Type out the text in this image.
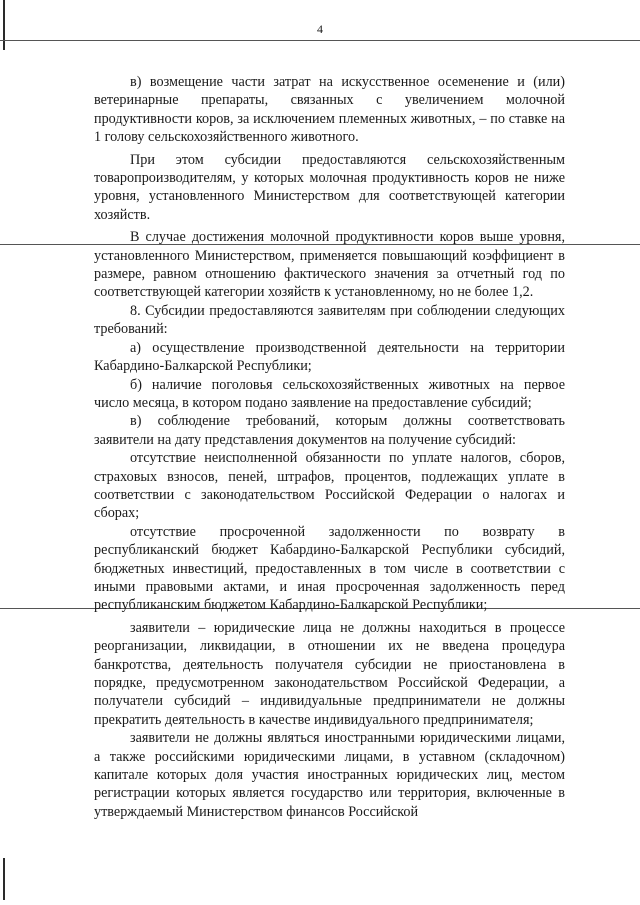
4

в) возмещение части затрат на искусственное осеменение и (или) ветеринарные препараты, связанных с увеличением молочной продуктивности коров, за исключением племенных животных, – по ставке на 1 голову сельскохозяйственного животного.

При этом субсидии предоставляются сельскохозяйственным товаропроизводителям, у которых молочная продуктивность коров не ниже уровня, установленного Министерством для соответствующей категории хозяйств.

В случае достижения молочной продуктивности коров выше уровня, установленного Министерством, применяется повышающий коэффициент в размере, равном отношению фактического значения за отчетный год по соответствующей категории хозяйств к установленному, но не более 1,2.

8. Субсидии предоставляются заявителям при соблюдении следующих требований:

а) осуществление производственной деятельности на территории Кабардино-Балкарской Республики;

б) наличие поголовья сельскохозяйственных животных на первое число месяца, в котором подано заявление на предоставление субсидий;

в) соблюдение требований, которым должны соответствовать заявители на дату представления документов на получение субсидий:

отсутствие неисполненной обязанности по уплате налогов, сборов, страховых взносов, пеней, штрафов, процентов, подлежащих уплате в соответствии с законодательством Российской Федерации о налогах и сборах;

отсутствие просроченной задолженности по возврату в республиканский бюджет Кабардино-Балкарской Республики субсидий, бюджетных инвестиций, предоставленных в том числе в соответствии с иными правовыми актами, и иная просроченная задолженность перед республиканским бюджетом Кабардино-Балкарской Республики;

заявители – юридические лица не должны находиться в процессе реорганизации, ликвидации, в отношении их не введена процедура банкротства, деятельность получателя субсидии не приостановлена в порядке, предусмотренном законодательством Российской Федерации, а получатели субсидий – индивидуальные предприниматели не должны прекратить деятельность в качестве индивидуального предпринимателя;

заявители не должны являться иностранными юридическими лицами, а также российскими юридическими лицами, в уставном (складочном) капитале которых доля участия иностранных юридических лиц, местом регистрации которых является государство или территория, включенные в утверждаемый Министерством финансов Российской
